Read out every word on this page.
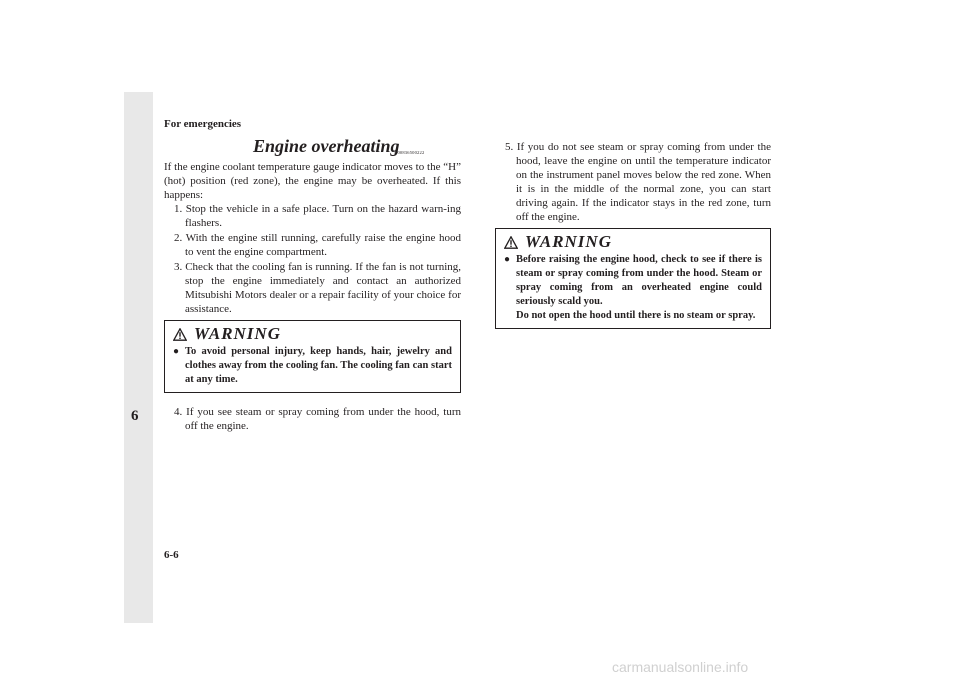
6
For emergencies
Engine overheating
N00836500222

If the engine coolant temperature gauge indicator moves to the “H” (hot) position (red zone), the engine may be overheated. If this happens:

1. Stop the vehicle in a safe place. Turn on the hazard warn-ing flashers.

2. With the engine still running, carefully raise the engine hood to vent the engine compartment.

3. Check that the cooling fan is running. If the fan is not turning, stop the engine immediately and contact an authorized Mitsubishi Motors dealer or a repair facility of your choice for assistance.

WARNING
● To avoid personal injury, keep hands, hair, jewelry and clothes away from the cooling fan. The cooling fan can start at any time.

4. If you see steam or spray coming from under the hood, turn off the engine.

5. If you do not see steam or spray coming from under the hood, leave the engine on until the temperature indicator on the instrument panel moves below the red zone. When it is in the middle of the normal zone, you can start driving again. If the indicator stays in the red zone, turn off the engine.

WARNING
● Before raising the engine hood, check to see if there is steam or spray coming from under the hood. Steam or spray coming from an overheated engine could seriously scald you.
Do not open the hood until there is no steam or spray.
6-6
carmanualsonline.info
